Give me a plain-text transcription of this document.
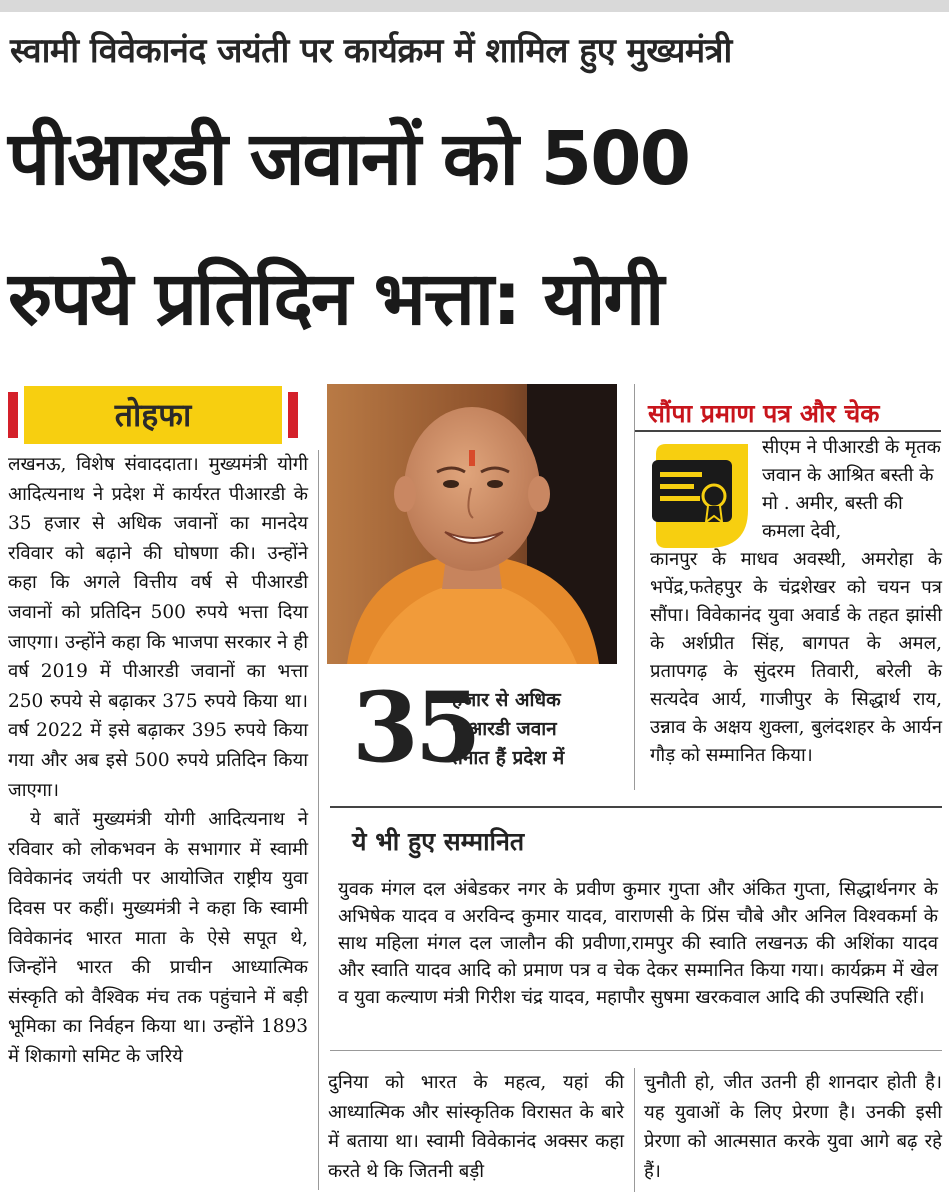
स्वामी विवेकानंद जयंती पर कार्यक्रम में शामिल हुए मुख्यमंत्री
पीआरडी जवानों को 500
रुपये प्रतिदिन भत्ता: योगी
तोहफा

लखनऊ, विशेष संवाददाता। मुख्यमंत्री योगी आदित्यनाथ ने प्रदेश में कार्यरत पीआरडी के 35 हजार से अधिक जवानों का मानदेय रविवार को बढ़ाने की घोषणा की। उन्होंने कहा कि अगले वित्तीय वर्ष से पीआरडी जवानों को प्रतिदिन 500 रुपये भत्ता दिया जाएगा। उन्होंने कहा कि भाजपा सरकार ने ही वर्ष 2019 में पीआरडी जवानों का भत्ता 250 रुपये से बढ़ाकर 375 रुपये किया था। वर्ष 2022 में इसे बढ़ाकर 395 रुपये किया गया और अब इसे 500 रुपये प्रतिदिन किया जाएगा।

ये बातें मुख्यमंत्री योगी आदित्यनाथ ने रविवार को लोकभवन के सभागार में स्वामी विवेकानंद जयंती पर आयोजित राष्ट्रीय युवा दिवस पर कहीं। मुख्यमंत्री ने कहा कि स्वामी विवेकानंद भारत माता के ऐसे सपूत थे, जिन्होंने भारत की प्राचीन आध्यात्मिक संस्कृति को वैश्विक मंच तक पहुंचाने में बड़ी भूमिका का निर्वहन किया था। उन्होंने 1893 में शिकागो समिट के जरिये

35
हजार से अधिक
पीआरडी जवान
तैनात हैं प्रदेश में
सौंपा प्रमाण पत्र और चेक
सीएम ने पीआरडी के मृतक जवान के आश्रित बस्ती के मो . अमीर, बस्ती की कमला देवी,
कानपुर के माधव अवस्थी, अमरोहा के भपेंद्र,फतेहपुर के चंद्रशेखर को चयन पत्र सौंपा। विवेकानंद युवा अवार्ड के तहत झांसी के अर्शप्रीत सिंह, बागपत के अमल, प्रतापगढ़ के सुंदरम तिवारी, बरेली के सत्यदेव आर्य, गाजीपुर के सिद्धार्थ राय, उन्नाव के अक्षय शुक्ला, बुलंदशहर के आर्यन गौड़ को सम्मानित किया।
ये भी हुए सम्मानित
युवक मंगल दल अंबेडकर नगर के प्रवीण कुमार गुप्ता और अंकित गुप्ता, सिद्धार्थनगर के अभिषेक यादव व अरविन्द कुमार यादव, वाराणसी के प्रिंस चौबे और अनिल विश्वकर्मा के साथ महिला मंगल दल जालौन की प्रवीणा,रामपुर की स्वाति लखनऊ की अशिंका यादव और स्वाति यादव आदि को प्रमाण पत्र व चेक देकर सम्मानित किया गया। कार्यक्रम में खेल व युवा कल्याण मंत्री गिरीश चंद्र यादव, महापौर सुषमा खरकवाल आदि की उपस्थिति रहीं।
दुनिया को भारत के महत्व, यहां की आध्यात्मिक और सांस्कृतिक विरासत के बारे में बताया था। स्वामी विवेकानंद अक्सर कहा करते थे कि जितनी बड़ी
चुनौती हो, जीत उतनी ही शानदार होती है। यह युवाओं के लिए प्रेरणा है। उनकी इसी प्रेरणा को आत्मसात करके युवा आगे बढ़ रहे हैं।
